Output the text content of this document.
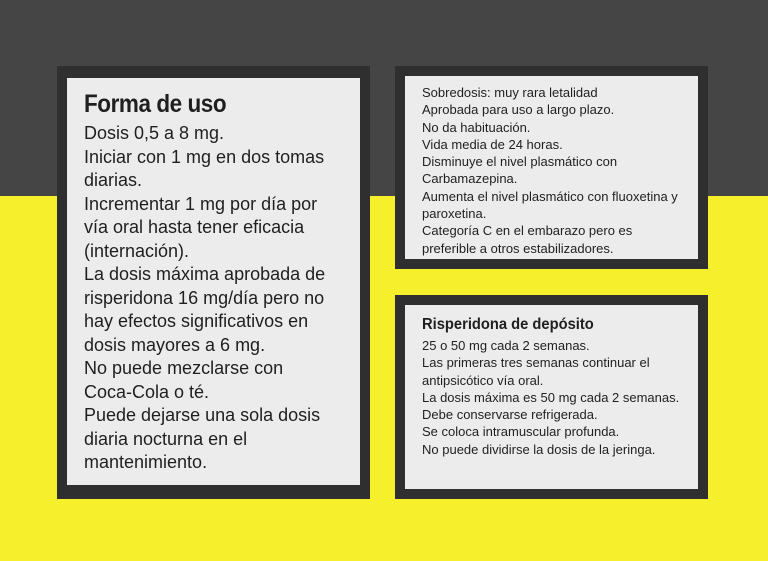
Forma de uso
Dosis 0,5 a 8 mg.
Iniciar con 1 mg en dos tomas
diarias.
Incrementar 1 mg por día por
vía oral hasta tener eficacia
(internación).
La dosis máxima aprobada de
risperidona 16 mg/día pero no
hay efectos significativos en
dosis mayores a 6 mg.
No puede mezclarse con
Coca-Cola o té.
Puede dejarse una sola dosis
diaria nocturna en el
mantenimiento.
Sobredosis: muy rara letalidad
Aprobada para uso a largo plazo.
No da habituación.
Vida media de 24 horas.
Disminuye el nivel plasmático con
Carbamazepina.
Aumenta el nivel plasmático con fluoxetina y
paroxetina.
Categoría C en el embarazo pero es
preferible a otros estabilizadores.
Risperidona de depósito
25 o 50 mg cada 2 semanas.
Las primeras tres semanas continuar el
antipsicótico vía oral.
La dosis máxima es 50 mg cada 2 semanas.
Debe conservarse refrigerada.
Se coloca intramuscular profunda.
No puede dividirse la dosis de la jeringa.
